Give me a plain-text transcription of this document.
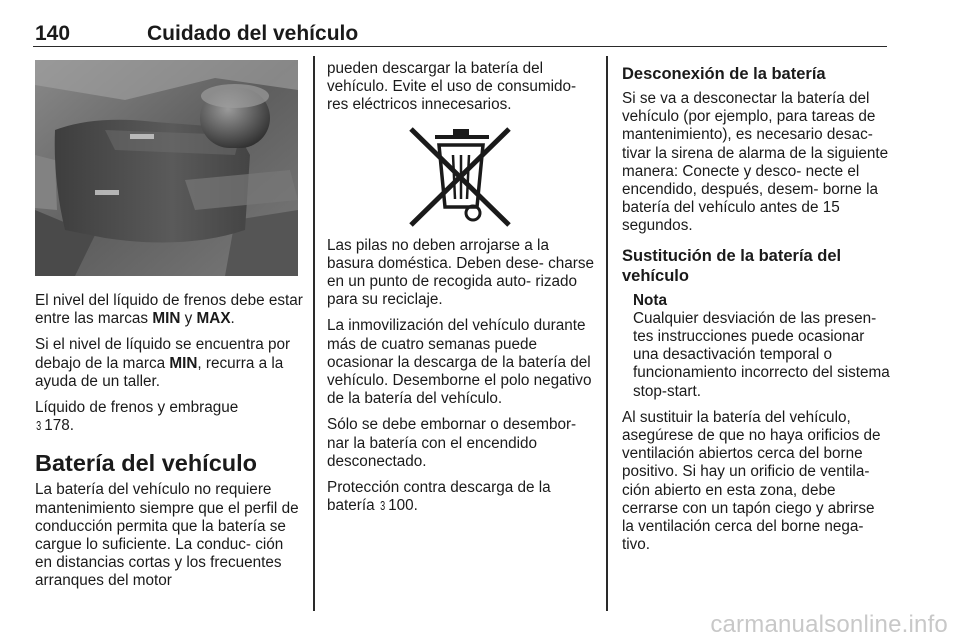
140	Cuidado del vehículo

El nivel del líquido de frenos debe estar entre las marcas MIN y MAX.

Si el nivel de líquido se encuentra por debajo de la marca MIN, recurra a la ayuda de un taller.

Líquido de frenos y embrague
3 178.

Batería del vehículo

La batería del vehículo no requiere mantenimiento siempre que el perfil de conducción permita que la batería se cargue lo suficiente. La conduc- ción en distancias cortas y los frecuentes arranques del motor

pueden descargar la batería del vehículo. Evite el uso de consumido- res eléctricos innecesarios.

Las pilas no deben arrojarse a la basura doméstica. Deben dese- charse en un punto de recogida auto- rizado para su reciclaje.

La inmovilización del vehículo durante más de cuatro semanas puede ocasionar la descarga de la batería del vehículo. Desemborne el polo negativo de la batería del vehículo.

Sólo se debe embornar o desembor- nar la batería con el encendido desconectado.

Protección contra descarga de la batería 3 100.

Desconexión de la batería

Si se va a desconectar la batería del vehículo (por ejemplo, para tareas de mantenimiento), es necesario desac- tivar la sirena de alarma de la siguiente manera: Conecte y desco- necte el encendido, después, desem- borne la batería del vehículo antes de 15 segundos.

Sustitución de la batería del vehículo
Nota
Cualquier desviación de las presen- tes instrucciones puede ocasionar una desactivación temporal o funcionamiento incorrecto del sistema stop-start.

Al sustituir la batería del vehículo, asegúrese de que no haya orificios de ventilación abiertos cerca del borne positivo. Si hay un orificio de ventila- ción abierto en esta zona, debe cerrarse con un tapón ciego y abrirse la ventilación cerca del borne nega- tivo.

carmanualsonline.info
